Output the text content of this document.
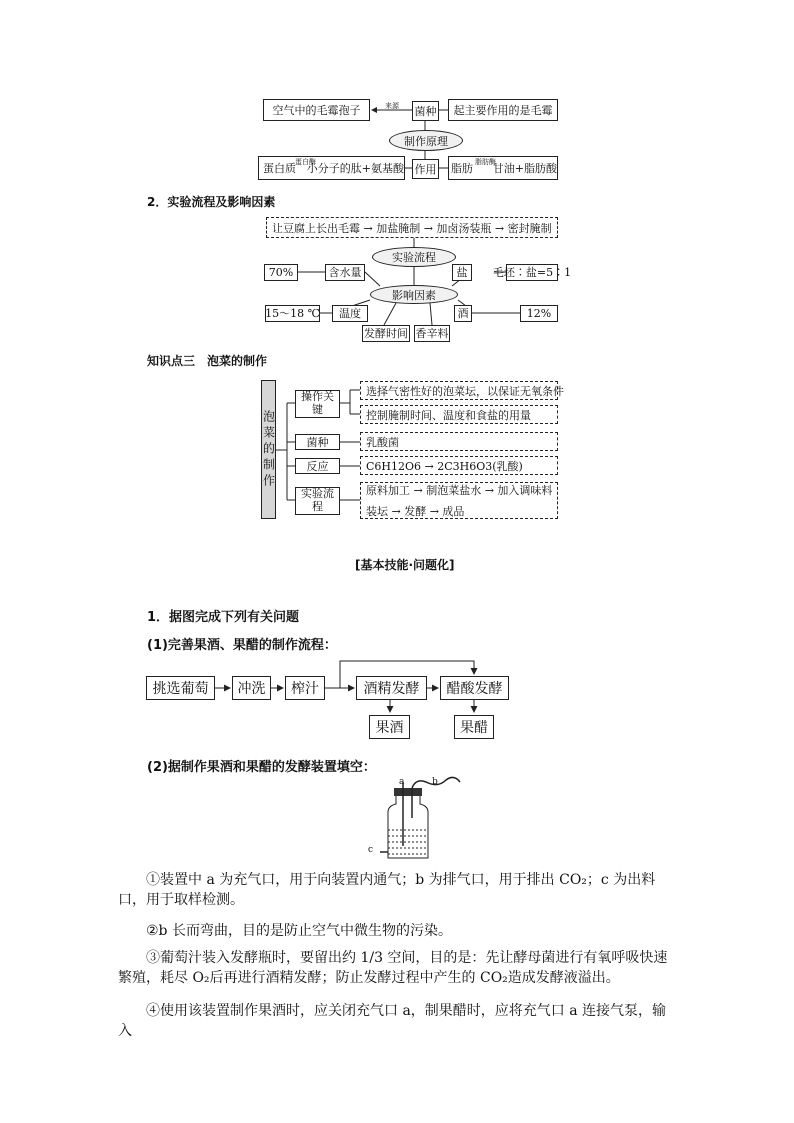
空气中的毛霉孢子	来源 菌种	起主要作用的是毛霉
制作原理
蛋白质 小分子的肽+氨基酸
蛋白酶
作用 脂肪 甘油+脂肪酸
脂肪酶
2．实验流程及影响因素
让豆腐上长出毛霉 → 加盐腌制 → 加卤汤装瓶 → 密封腌制
实验流程
70%	含水量	盐	毛坯∶盐=5∶1
影响因素
15～18 ℃	温度	酒	12%
发酵时间 香辛料
知识点三　泡菜的制作
泡菜的制作
操作关键
选择气密性好的泡菜坛，以保证无氧条件
控制腌制时间、温度和食盐的用量
菌种	乳酸菌
反应	C6H12O6 → 2C3H6O3(乳酸)
实验流程
原料加工 → 制泡菜盐水 → 加入调味料
装坛 → 发酵 → 成品
[基本技能·问题化]
1．据图完成下列有关问题
(1)完善果酒、果醋的制作流程：
挑选葡萄	冲洗	榨汁	酒精发酵	醋酸发酵
果酒	果醋
(2)据制作果酒和果醋的发酵装置填空：
a	b
c
①装置中 a 为充气口，用于向装置内通气；b 为排气口，用于排出 CO₂；c 为出料口，用于取样检测。
②b 长而弯曲，目的是防止空气中微生物的污染。
③葡萄汁装入发酵瓶时，要留出约 1/3 空间，目的是：先让酵母菌进行有氧呼吸快速繁殖，耗尽 O₂后再进行酒精发酵；防止发酵过程中产生的 CO₂造成发酵液溢出。
④使用该装置制作果酒时，应关闭充气口 a，制果醋时，应将充气口 a 连接气泵，输入
